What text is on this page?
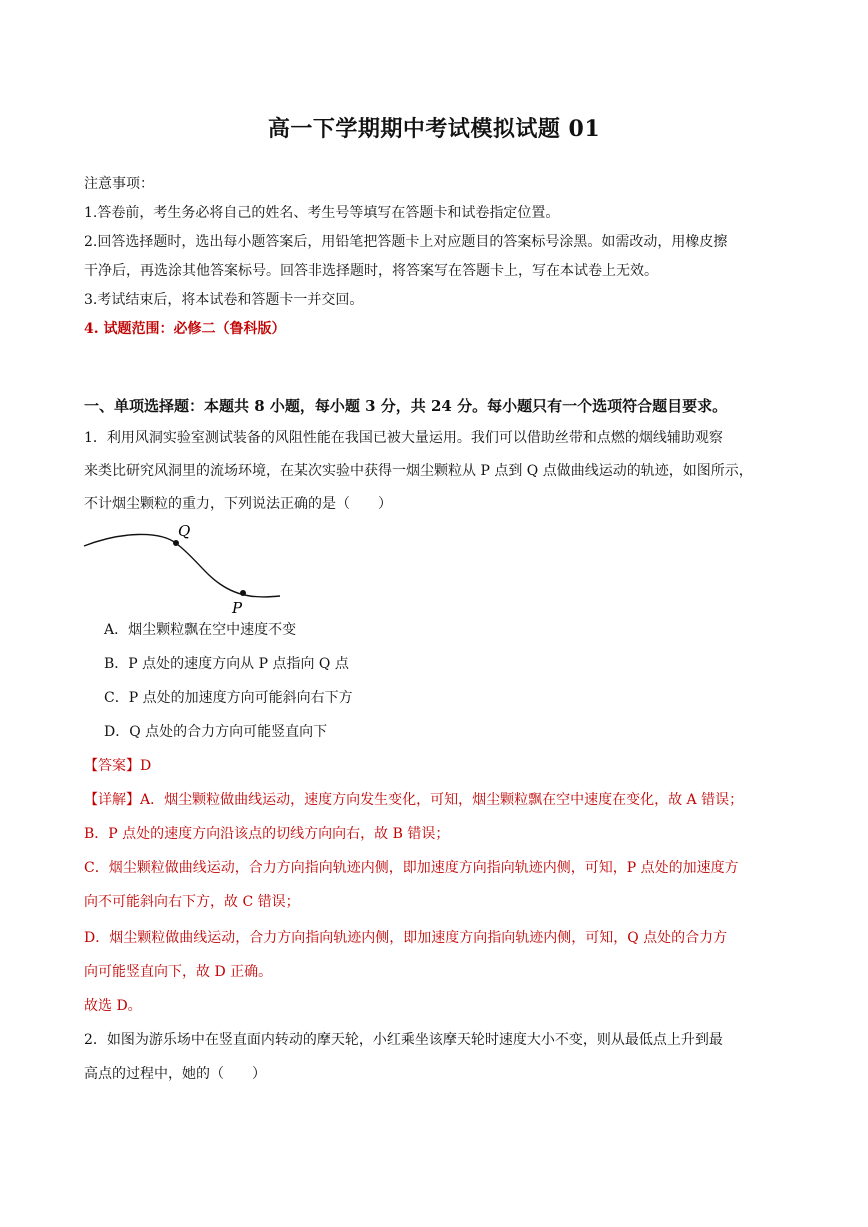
高一下学期期中考试模拟试题 01
注意事项：
1.答卷前，考生务必将自己的姓名、考生号等填写在答题卡和试卷指定位置。
2.回答选择题时，选出每小题答案后，用铅笔把答题卡上对应题目的答案标号涂黑。如需改动，用橡皮擦
干净后，再选涂其他答案标号。回答非选择题时，将答案写在答题卡上，写在本试卷上无效。
3.考试结束后，将本试卷和答题卡一并交回。
4. 试题范围：必修二（鲁科版）
一、单项选择题：本题共 8 小题，每小题 3 分，共 24 分。每小题只有一个选项符合题目要求。
1．利用风洞实验室测试装备的风阻性能在我国已被大量运用。我们可以借助丝带和点燃的烟线辅助观察
来类比研究风洞里的流场环境，在某次实验中获得一烟尘颗粒从 P 点到 Q 点做曲线运动的轨迹，如图所示，
不计烟尘颗粒的重力，下列说法正确的是（　　）
Q
P
A．烟尘颗粒飘在空中速度不变
B．P 点处的速度方向从 P 点指向 Q 点
C．P 点处的加速度方向可能斜向右下方
D．Q 点处的合力方向可能竖直向下
【答案】D
【详解】A．烟尘颗粒做曲线运动，速度方向发生变化，可知，烟尘颗粒飘在空中速度在变化，故 A 错误；
B．P 点处的速度方向沿该点的切线方向向右，故 B 错误；
C．烟尘颗粒做曲线运动，合力方向指向轨迹内侧，即加速度方向指向轨迹内侧，可知，P 点处的加速度方
向不可能斜向右下方，故 C 错误；
D．烟尘颗粒做曲线运动，合力方向指向轨迹内侧，即加速度方向指向轨迹内侧，可知，Q 点处的合力方
向可能竖直向下，故 D 正确。
故选 D。
2．如图为游乐场中在竖直面内转动的摩天轮，小红乘坐该摩天轮时速度大小不变，则从最低点上升到最
高点的过程中，她的（　　）
